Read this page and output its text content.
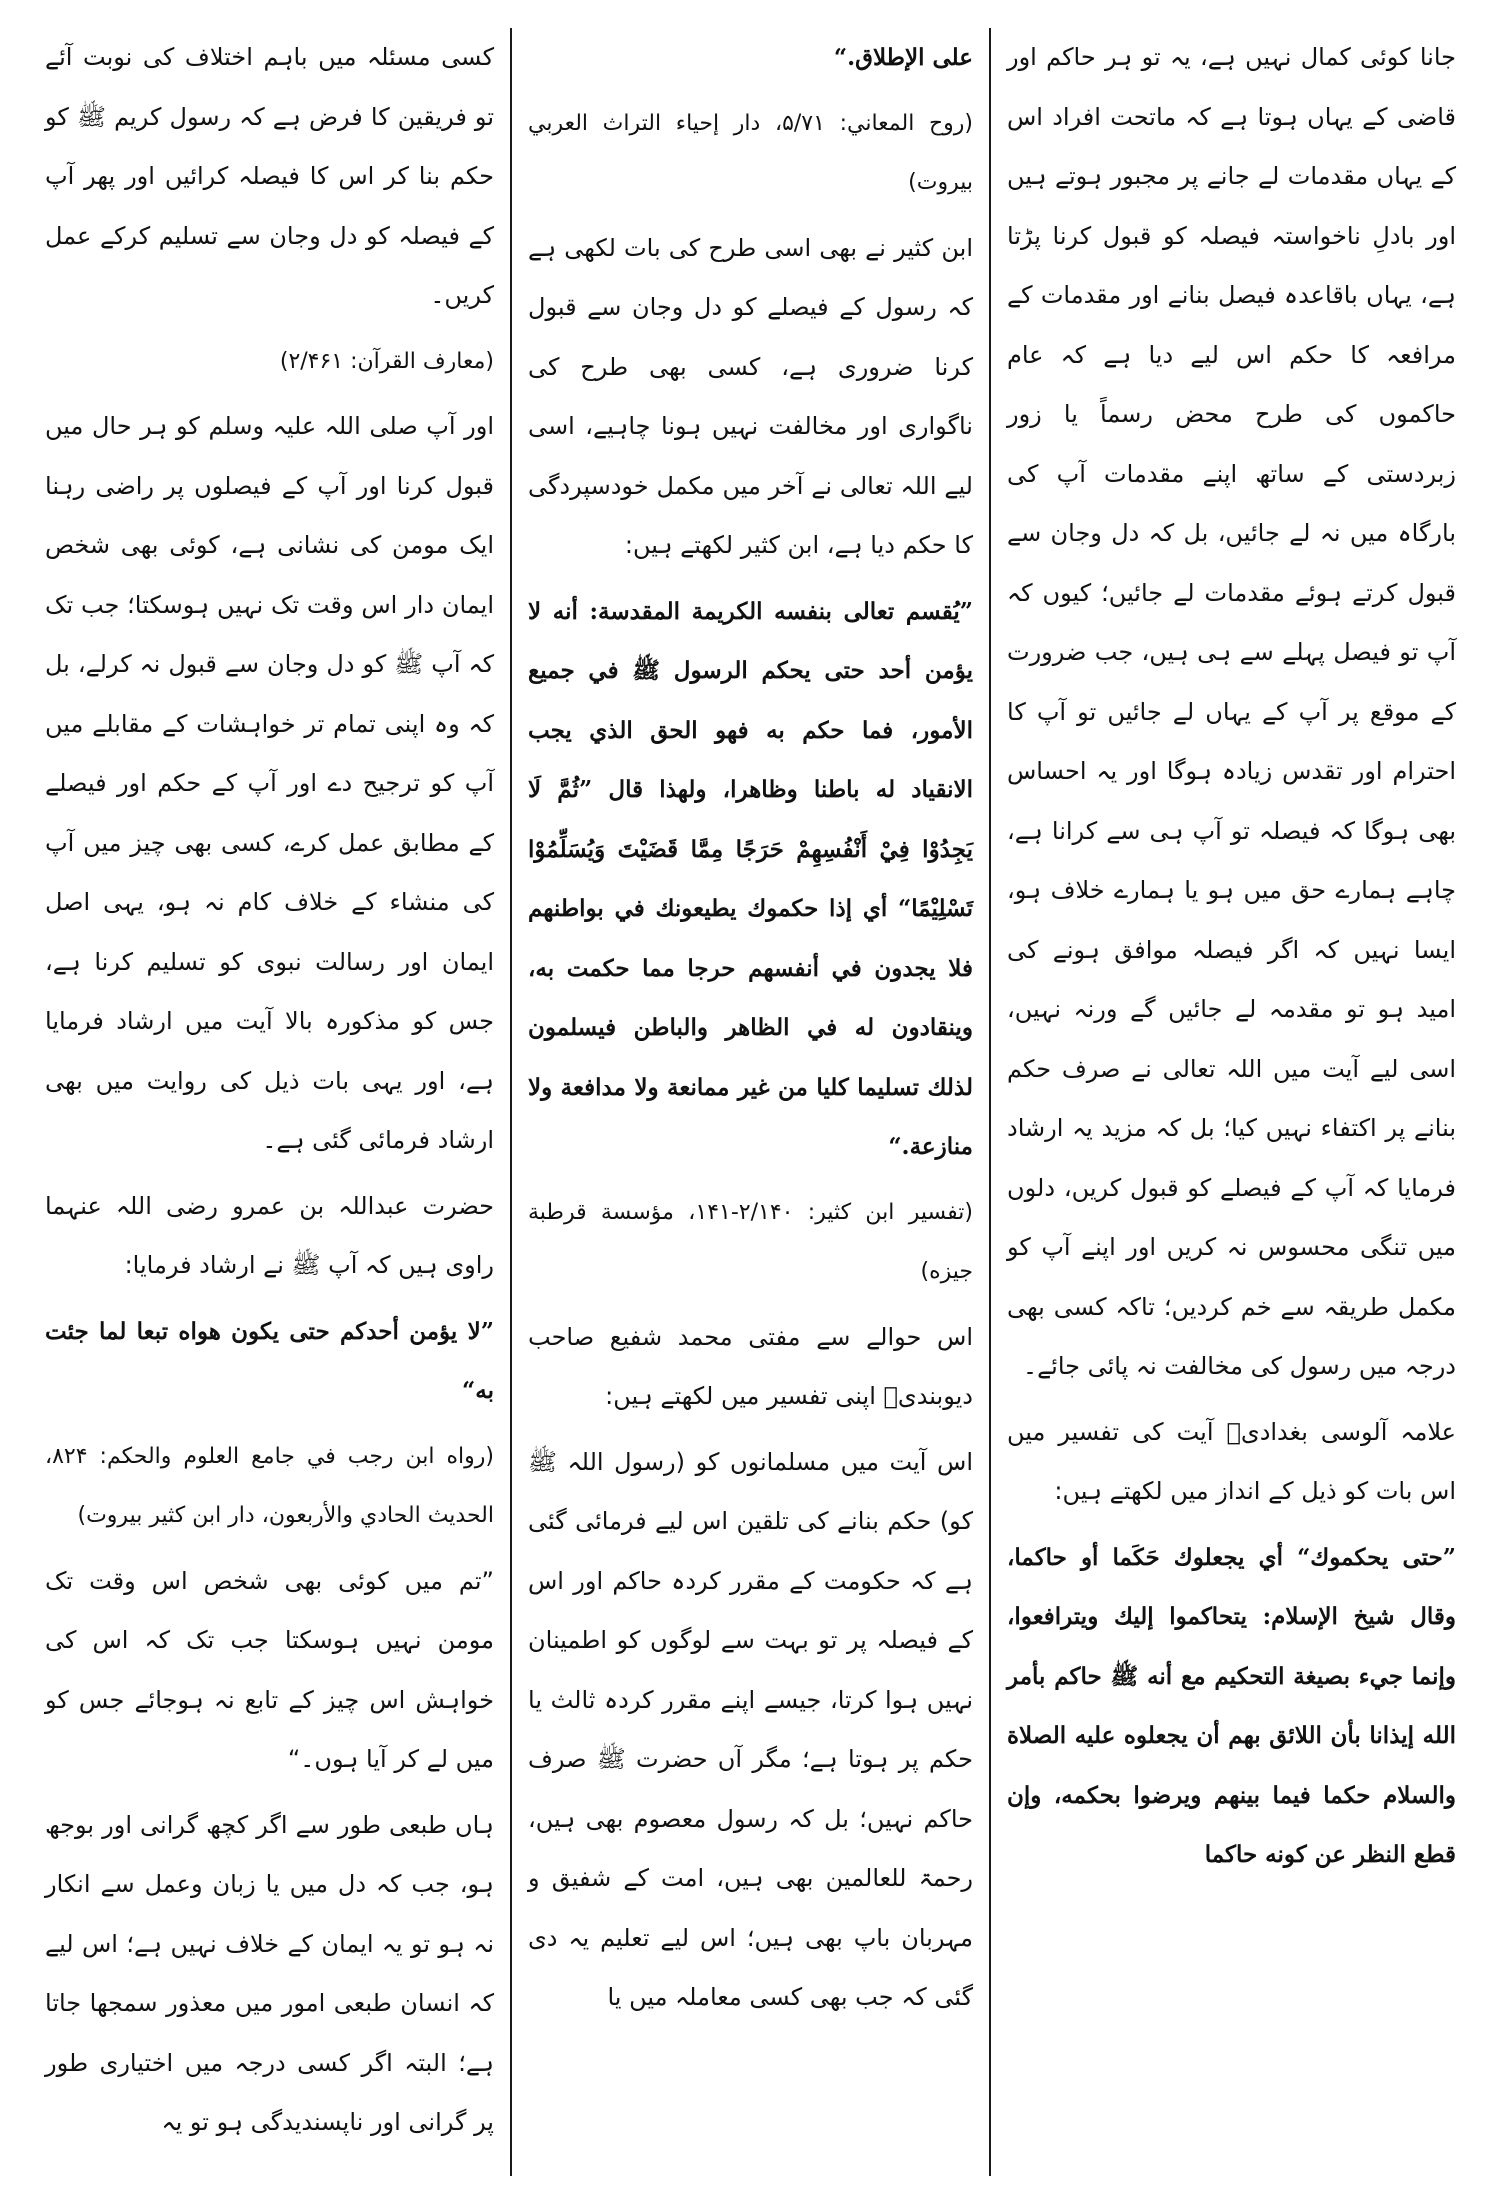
جانا کوئی کمال نہیں ہے، یہ تو ہر حاکم اور قاضی کے یہاں ہوتا ہے کہ ماتحت افراد اس کے یہاں مقدمات لے جانے پر مجبور ہوتے ہیں اور بادلِ ناخواستہ فیصلہ کو قبول کرنا پڑتا ہے، یہاں باقاعدہ فیصل بنانے اور مقدمات کے مرافعہ کا حکم اس لیے دیا ہے کہ عام حاکموں کی طرح محض رسماً یا زور زبردستی کے ساتھ اپنے مقدمات آپ کی بارگاہ میں نہ لے جائیں، بل کہ دل وجان سے قبول کرتے ہوئے مقدمات لے جائیں؛ کیوں کہ آپ تو فیصل پہلے سے ہی ہیں، جب ضرورت کے موقع پر آپ کے یہاں لے جائیں تو آپ کا احترام اور تقدس زیادہ ہوگا اور یہ احساس بھی ہوگا کہ فیصلہ تو آپ ہی سے کرانا ہے، چاہے ہمارے حق میں ہو یا ہمارے خلاف ہو، ایسا نہیں کہ اگر فیصلہ موافق ہونے کی امید ہو تو مقدمہ لے جائیں گے ورنہ نہیں، اسی لیے آیت میں اللہ تعالی نے صرف حکم بنانے پر اکتفاء نہیں کیا؛ بل کہ مزید یہ ارشاد فرمایا کہ آپ کے فیصلے کو قبول کریں، دلوں میں تنگی محسوس نہ کریں اور اپنے آپ کو مکمل طریقہ سے خم کردیں؛ تاکہ کسی بھی درجہ میں رسول کی مخالفت نہ پائی جائے۔

علامہ آلوسی بغدادیؒ آیت کی تفسیر میں اس بات کو ذیل کے انداز میں لکھتے ہیں:

”حتى يحكموك“ أي يجعلوك حَكَما أو حاكما، وقال شيخ الإسلام: يتحاكموا إليك ويترافعوا، وإنما جيء بصيغة التحكيم مع أنه ﷺ حاكم بأمر الله إيذانا بأن اللائق بهم أن يجعلوه عليه الصلاة والسلام حكما فيما بينهم ويرضوا بحكمه، وإن قطع النظر عن كونه حاكما

على الإطلاق.“

(روح المعاني: ۵/۷۱، دار إحياء التراث العربي بيروت)

ابن کثیر نے بھی اسی طرح کی بات لکھی ہے کہ رسول کے فیصلے کو دل وجان سے قبول کرنا ضروری ہے، کسی بھی طرح کی ناگواری اور مخالفت نہیں ہونا چاہیے، اسی لیے اللہ تعالی نے آخر میں مکمل خودسپردگی کا حکم دیا ہے، ابن کثیر لکھتے ہیں:

”يُقسم تعالى بنفسه الكريمة المقدسة: أنه لا يؤمن أحد حتى يحكم الرسول ﷺ في جميع الأمور، فما حكم به فهو الحق الذي يجب الانقياد له باطنا وظاهرا، ولهذا قال ”ثُمَّ لَا يَجِدُوْا فِيْ أَنْفُسِهِمْ حَرَجًا مِمَّا قَضَيْتَ وَيُسَلِّمُوْا تَسْلِيْمًا“ أي إذا حكموك يطيعونك في بواطنهم فلا يجدون في أنفسهم حرجا مما حكمت به، وينقادون له في الظاهر والباطن فيسلمون لذلك تسليما كليا من غير ممانعة ولا مدافعة ولا منازعة.“

(تفسير ابن كثير: ۲/۱۴۰-۱۴۱، مؤسسة قرطبة جيزه)

اس حوالے سے مفتی محمد شفیع صاحب دیوبندیؒ اپنی تفسیر میں لکھتے ہیں:

اس آیت میں مسلمانوں کو (رسول اللہ ﷺ کو) حکم بنانے کی تلقین اس لیے فرمائی گئی ہے کہ حکومت کے مقرر کردہ حاکم اور اس کے فیصلہ پر تو بہت سے لوگوں کو اطمینان نہیں ہوا کرتا، جیسے اپنے مقرر کردہ ثالث یا حکم پر ہوتا ہے؛ مگر آں حضرت ﷺ صرف حاکم نہیں؛ بل کہ رسول معصوم بھی ہیں، رحمۃ للعالمین بھی ہیں، امت کے شفیق و مہربان باپ بھی ہیں؛ اس لیے تعلیم یہ دی گئی کہ جب بھی کسی معاملہ میں یا

کسی مسئلہ میں باہم اختلاف کی نوبت آئے تو فریقین کا فرض ہے کہ رسول کریم ﷺ کو حکم بنا کر اس کا فیصلہ کرائیں اور پھر آپ کے فیصلہ کو دل وجان سے تسلیم کرکے عمل کریں۔

(معارف القرآن: ۲/۴۶۱)

اور آپ صلی اللہ علیہ وسلم کو ہر حال میں قبول کرنا اور آپ کے فیصلوں پر راضی رہنا ایک مومن کی نشانی ہے، کوئی بھی شخص ایمان دار اس وقت تک نہیں ہوسکتا؛ جب تک کہ آپ ﷺ کو دل وجان سے قبول نہ کرلے، بل کہ وہ اپنی تمام تر خواہشات کے مقابلے میں آپ کو ترجیح دے اور آپ کے حکم اور فیصلے کے مطابق عمل کرے، کسی بھی چیز میں آپ کی منشاء کے خلاف کام نہ ہو، یہی اصل ایمان اور رسالت نبوی کو تسلیم کرنا ہے، جس کو مذکورہ بالا آیت میں ارشاد فرمایا ہے، اور یہی بات ذیل کی روایت میں بھی ارشاد فرمائی گئی ہے۔

حضرت عبداللہ بن عمرو رضی اللہ عنہما راوی ہیں کہ آپ ﷺ نے ارشاد فرمایا:

”لا يؤمن أحدكم حتى يكون هواه تبعا لما جئت به“

(رواه ابن رجب في جامع العلوم والحكم: ۸۲۴، الحديث الحادي والأربعون، دار ابن كثير بيروت)

”تم میں کوئی بھی شخص اس وقت تک مومن نہیں ہوسکتا جب تک کہ اس کی خواہش اس چیز کے تابع نہ ہوجائے جس کو میں لے کر آیا ہوں۔“

ہاں طبعی طور سے اگر کچھ گرانی اور بوجھ ہو، جب کہ دل میں یا زبان وعمل سے انکار نہ ہو تو یہ ایمان کے خلاف نہیں ہے؛ اس لیے کہ انسان طبعی امور میں معذور سمجھا جاتا ہے؛ البتہ اگر کسی درجہ میں اختیاری طور پر گرانی اور ناپسندیدگی ہو تو یہ
